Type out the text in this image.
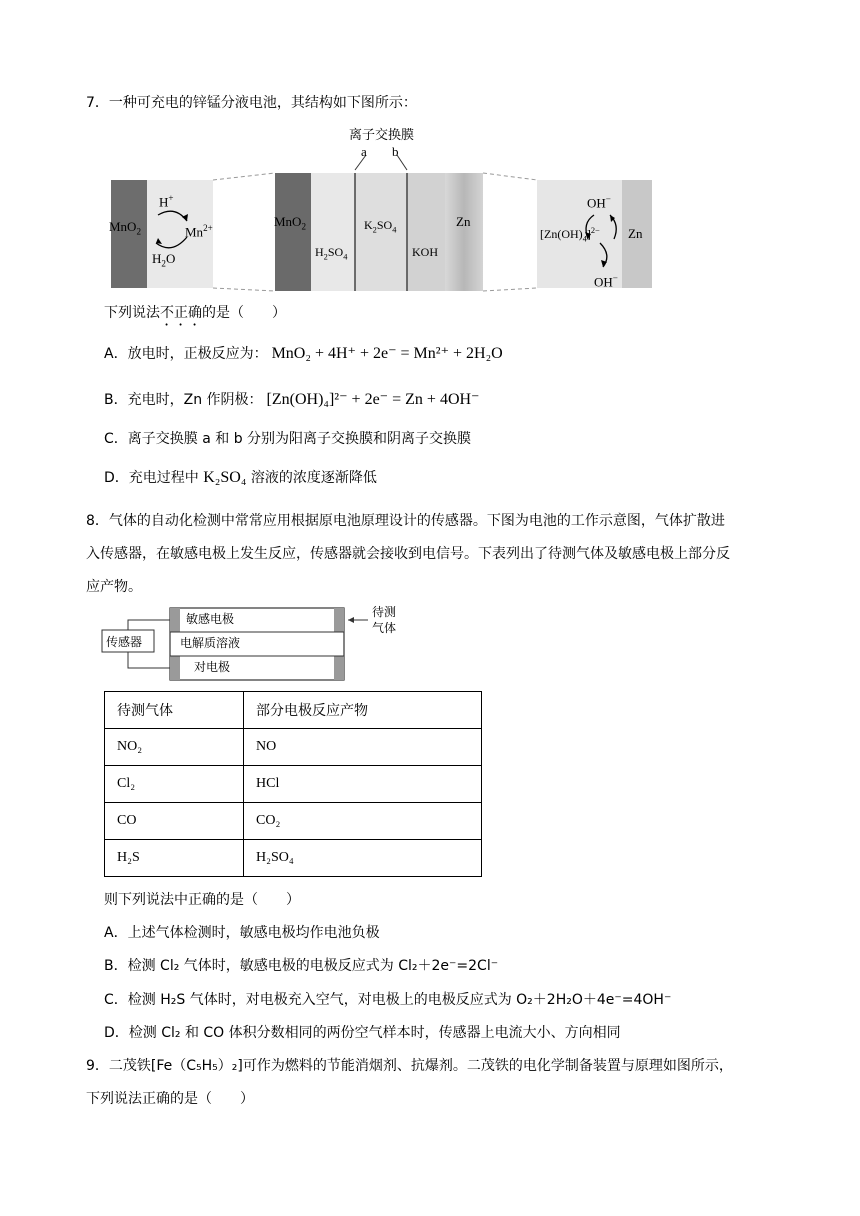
7．一种可充电的锌锰分液电池，其结构如下图所示：
离子交换膜
a b
MnO$_2$
H+
$Mn^{2+}$
$H_2O$
MnO$_2$
$H_2SO_4$
$K_2SO_4$
KOH
Zn
OH−
$[Zn(OH)_4]^{2-}$ Zn
OH−
下列说法不正确的是（　　）
A．放电时，正极反应为： MnO₂ + 4H⁺ + 2e⁻ = Mn²⁺ + 2H₂O
B．充电时，Zn 作阴极： [Zn(OH)₄]²⁻ + 2e⁻ = Zn + 4OH⁻
C．离子交换膜 a 和 b 分别为阳离子交换膜和阴离子交换膜
D．充电过程中 K₂SO₄ 溶液的浓度逐渐降低
8．气体的自动化检测中常常应用根据原电池原理设计的传感器。下图为电池的工作示意图，气体扩散进
入传感器，在敏感电极上发生反应，传感器就会接收到电信号。下表列出了待测气体及敏感电极上部分反
应产物。
敏感电极
电解质溶液
对电极
传感器
待测
气体
待测气体	部分电极反应产物
NO₂	NO
Cl₂	HCl
CO	CO₂
H₂S	H₂SO₄
则下列说法中正确的是（　　）
A．上述气体检测时，敏感电极均作电池负极
B．检测 Cl₂ 气体时，敏感电极的电极反应式为 Cl₂＋2e⁻=2Cl⁻
C．检测 H₂S 气体时，对电极充入空气，对电极上的电极反应式为 O₂＋2H₂O＋4e⁻=4OH⁻
D．检测 Cl₂ 和 CO 体积分数相同的两份空气样本时，传感器上电流大小、方向相同
9．二茂铁[Fe（C₅H₅）₂]可作为燃料的节能消烟剂、抗爆剂。二茂铁的电化学制备装置与原理如图所示，
下列说法正确的是（　　）
